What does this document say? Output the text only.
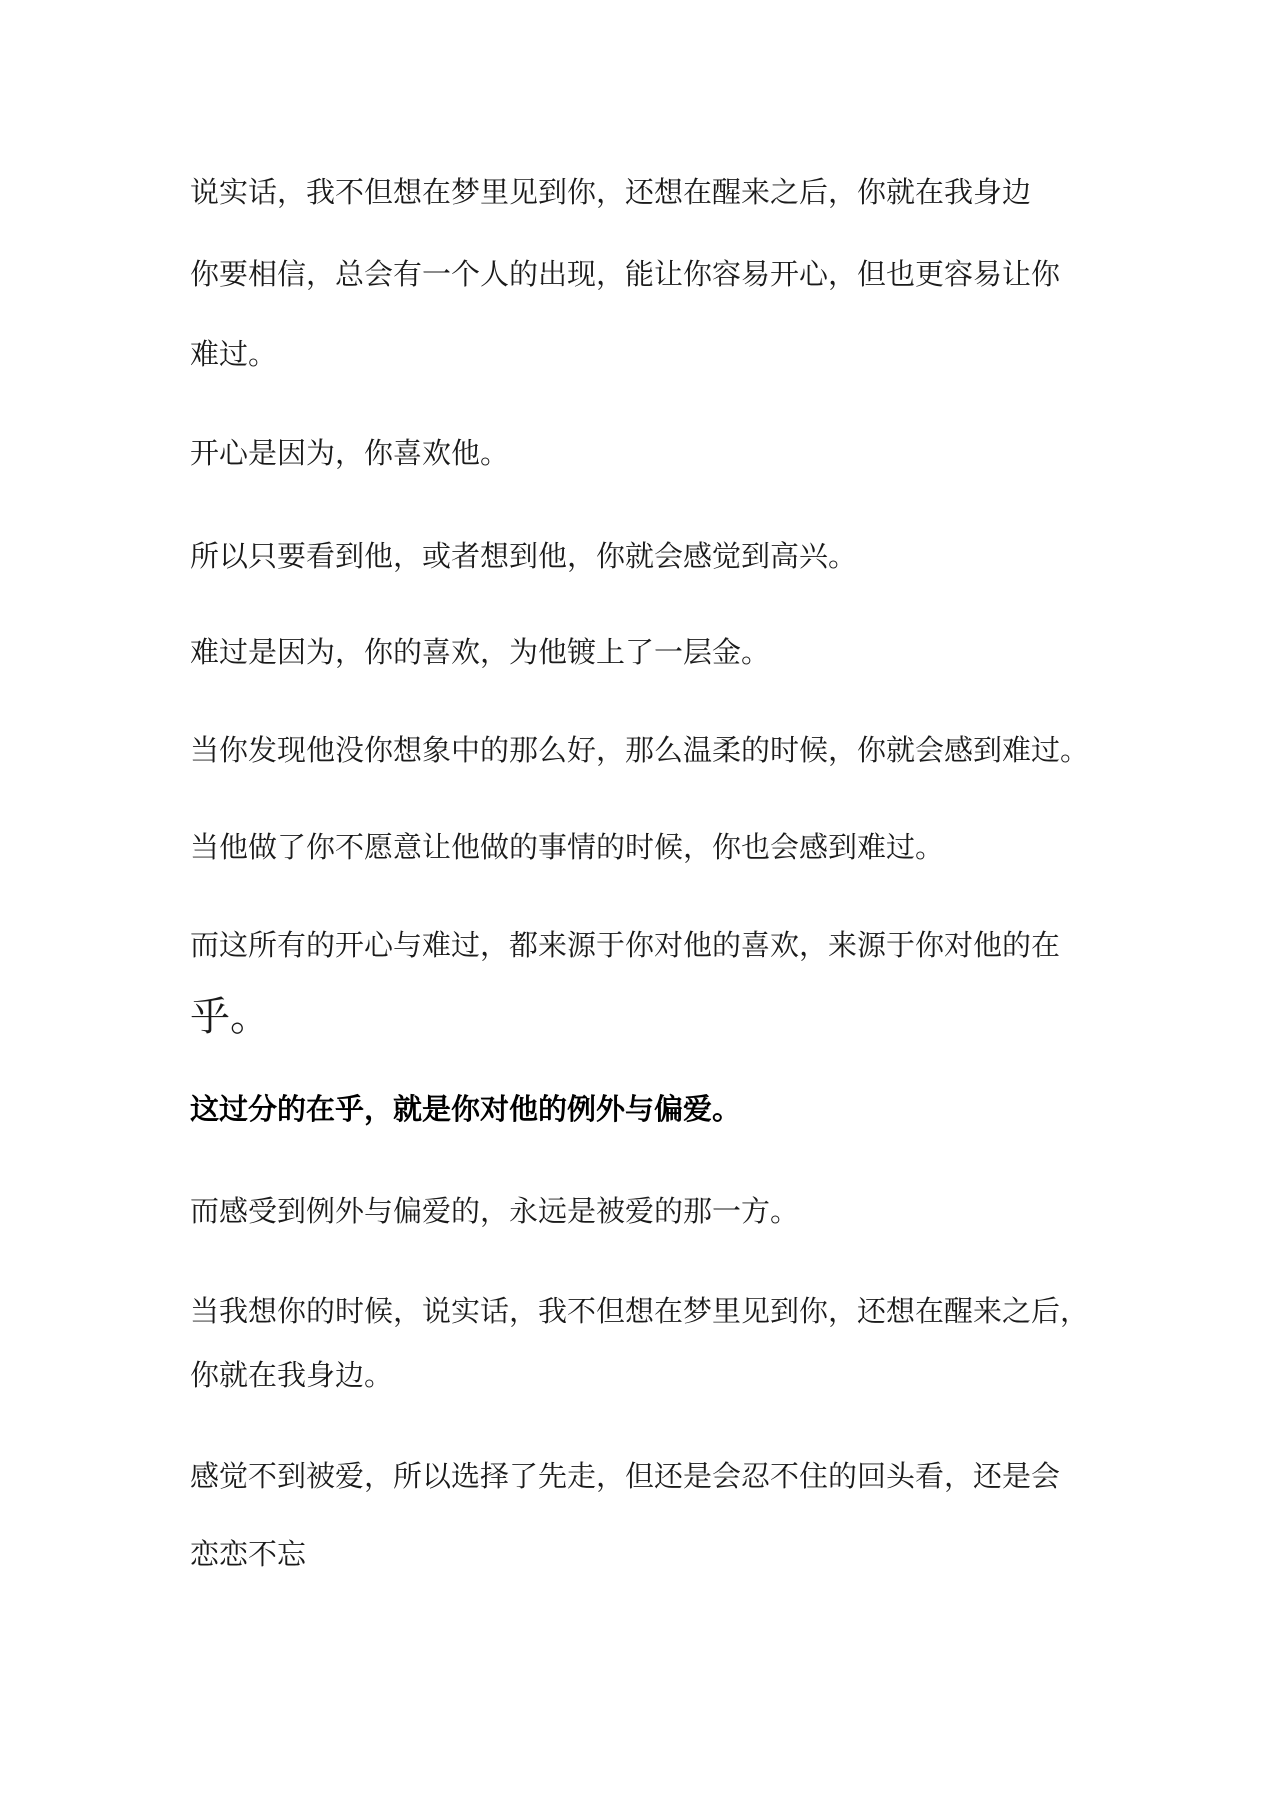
说实话，我不但想在梦里见到你，还想在醒来之后，你就在我身边

你要相信，总会有一个人的出现，能让你容易开心，但也更容易让你

难过。

开心是因为，你喜欢他。

所以只要看到他，或者想到他，你就会感觉到高兴。

难过是因为，你的喜欢，为他镀上了一层金。

当你发现他没你想象中的那么好，那么温柔的时候，你就会感到难过。

当他做了你不愿意让他做的事情的时候，你也会感到难过。

而这所有的开心与难过，都来源于你对他的喜欢，来源于你对他的在

乎。

这过分的在乎，就是你对他的例外与偏爱。

而感受到例外与偏爱的，永远是被爱的那一方。

当我想你的时候，说实话，我不但想在梦里见到你，还想在醒来之后，

你就在我身边。

感觉不到被爱，所以选择了先走，但还是会忍不住的回头看，还是会

恋恋不忘
